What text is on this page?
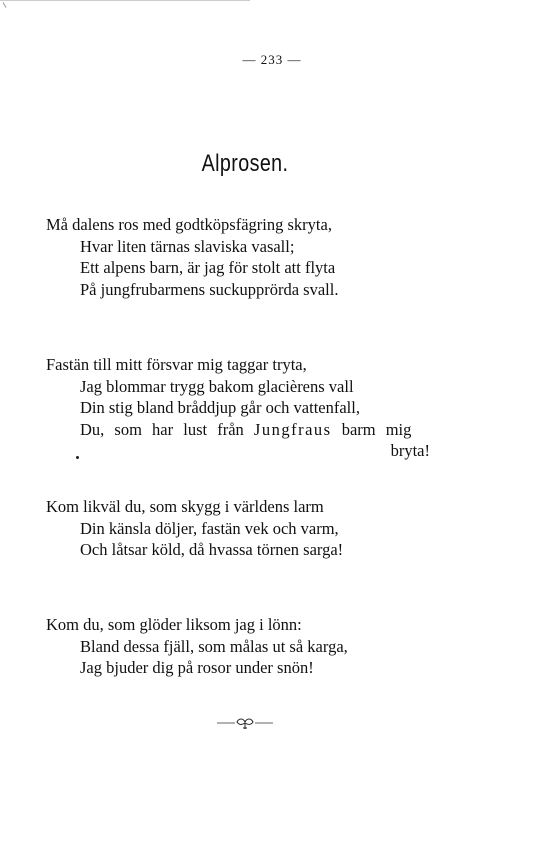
— 233 —
Alprosen.
Må dalens ros med godtköpsfägring skryta,
Hvar liten tärnas slaviska vasall;
Ett alpens barn, är jag för stolt att flyta
På jungfrubarmens suckupprörda svall.
Fastän till mitt försvar mig taggar tryta,
Jag blommar trygg bakom glacièrens vall
Din stig bland bråddjup går och vattenfall,
Du, som har lust från Jungfraus barm mig
bryta!
Kom likväl du, som skygg i världens larm
Din känsla döljer, fastän vek och varm,
Och låtsar köld, då hvassa törnen sarga!
Kom du, som glöder liksom jag i lönn:
Bland dessa fjäll, som målas ut så karga,
Jag bjuder dig på rosor under snön!
